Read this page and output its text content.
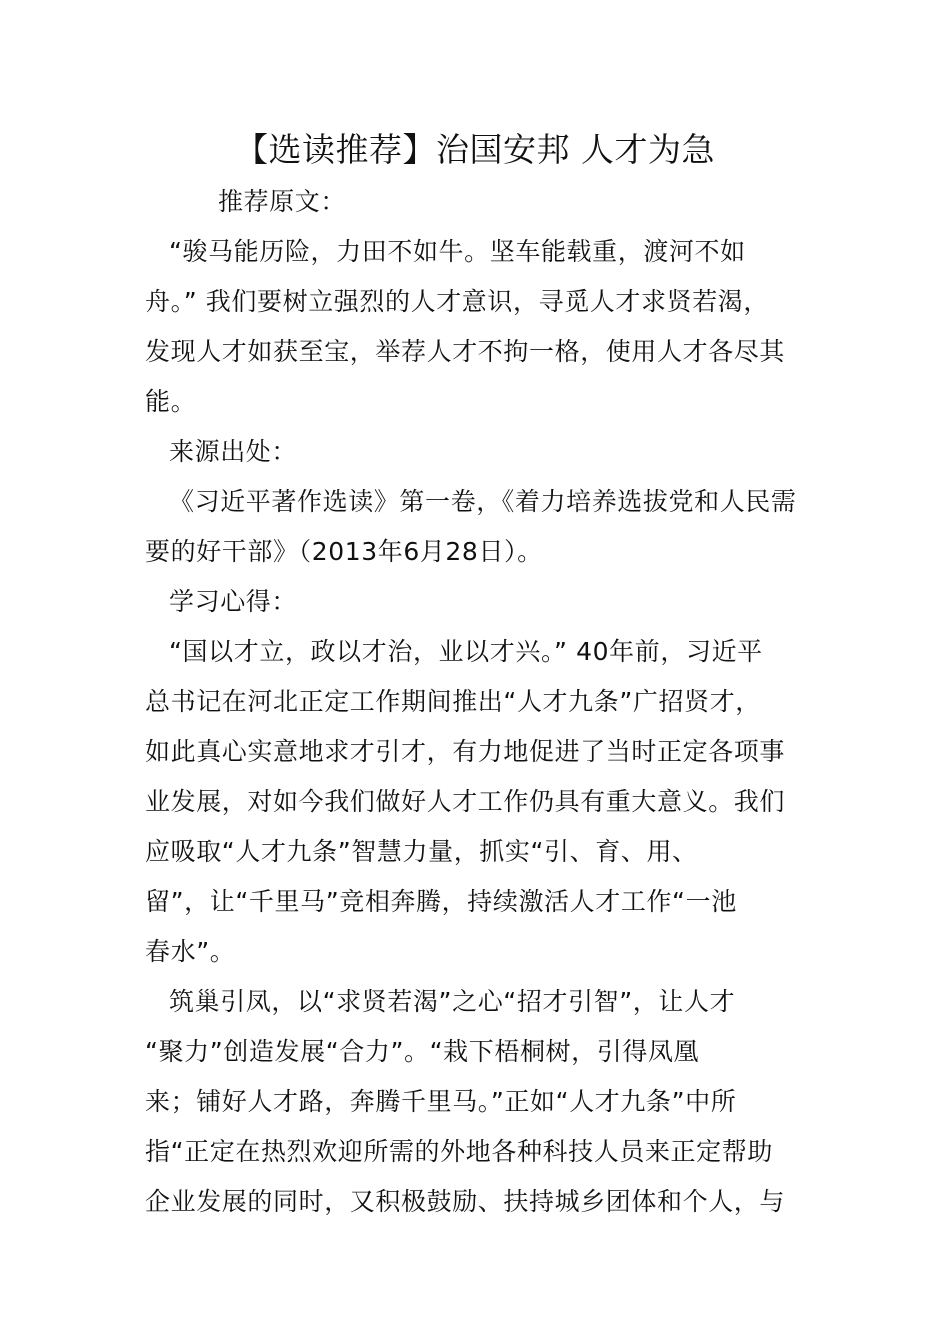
【选读推荐】治国安邦 人才为急
推荐原文：
“骏马能历险，力田不如牛。坚车能载重，渡河不如
舟。” 我们要树立强烈的人才意识，寻觅人才求贤若渴，
发现人才如获至宝，举荐人才不拘一格，使用人才各尽其
能。
来源出处：
《习近平著作选读》第一卷，《着力培养选拔党和人民需
要的好干部》（2013年6月28日）。
学习心得：
“国以才立，政以才治，业以才兴。” 40年前，习近平
总书记在河北正定工作期间推出“人才九条”广招贤才，
如此真心实意地求才引才，有力地促进了当时正定各项事
业发展，对如今我们做好人才工作仍具有重大意义。我们
应吸取“人才九条”智慧力量，抓实“引、育、用、
留”，让“千里马”竞相奔腾，持续激活人才工作“一池
春水”。
筑巢引凤，以“求贤若渴”之心“招才引智”，让人才
“聚力”创造发展“合力”。“栽下梧桐树，引得凤凰
来；铺好人才路，奔腾千里马。”正如“人才九条”中所
指“正定在热烈欢迎所需的外地各种科技人员来正定帮助
企业发展的同时，又积极鼓励、扶持城乡团体和个人，与
